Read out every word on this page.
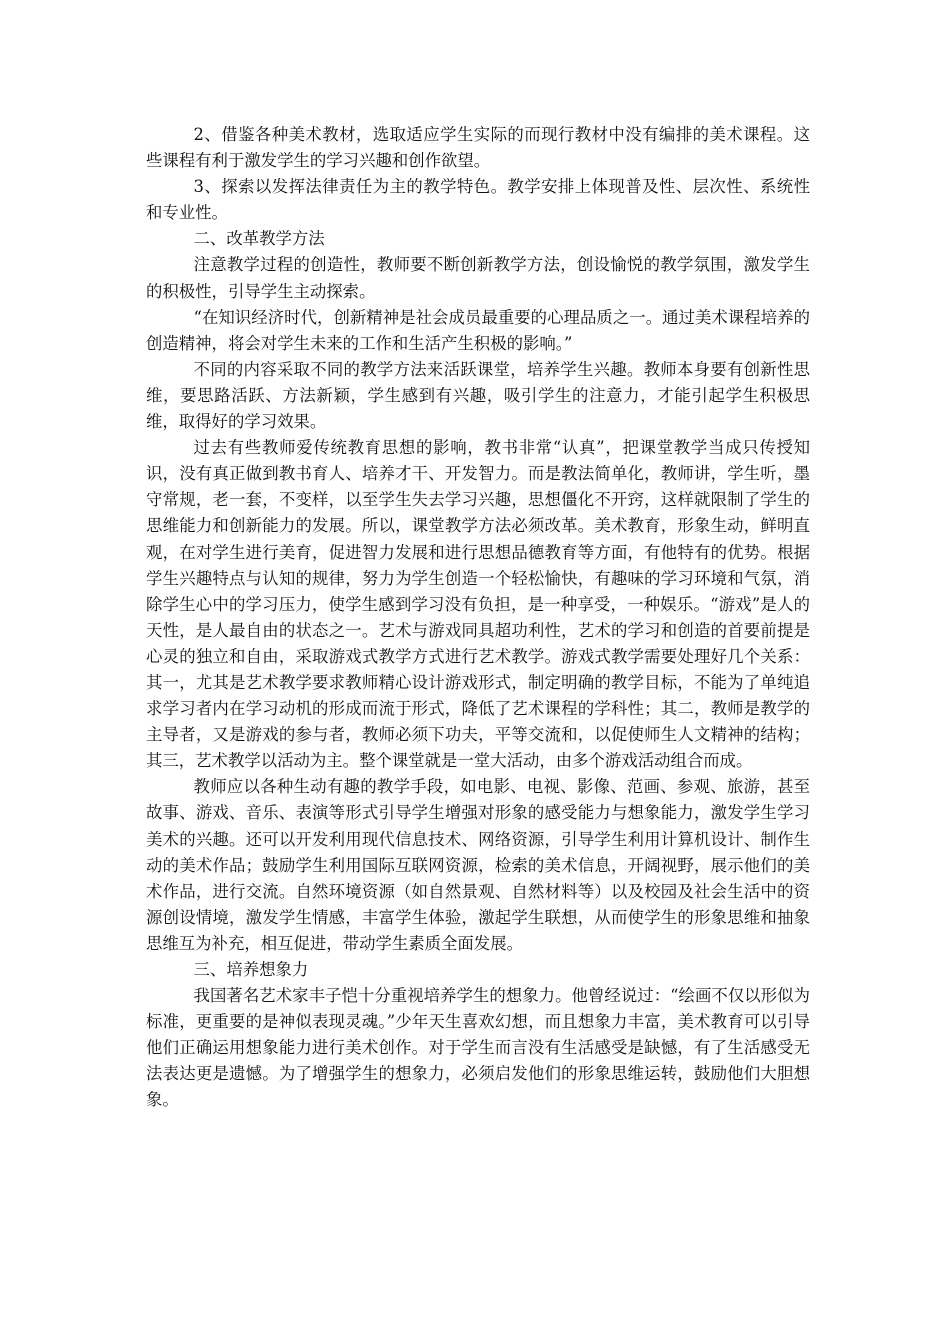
2、借鉴各种美术教材，选取适应学生实际的而现行教材中没有编排的美术课程。这些课程有利于激发学生的学习兴趣和创作欲望。

3、探索以发挥法律责任为主的教学特色。教学安排上体现普及性、层次性、系统性和专业性。

二、改革教学方法

注意教学过程的创造性，教师要不断创新教学方法，创设愉悦的教学氛围，激发学生的积极性，引导学生主动探索。

“在知识经济时代，创新精神是社会成员最重要的心理品质之一。通过美术课程培养的创造精神，将会对学生未来的工作和生活产生积极的影响。”

不同的内容采取不同的教学方法来活跃课堂，培养学生兴趣。教师本身要有创新性思维，要思路活跃、方法新颖，学生感到有兴趣，吸引学生的注意力，才能引起学生积极思维，取得好的学习效果。

过去有些教师爱传统教育思想的影响，教书非常“认真”，把课堂教学当成只传授知识，没有真正做到教书育人、培养才干、开发智力。而是教法简单化，教师讲，学生听，墨守常规，老一套，不变样，以至学生失去学习兴趣，思想僵化不开窍，这样就限制了学生的思维能力和创新能力的发展。所以，课堂教学方法必须改革。美术教育，形象生动，鲜明直观，在对学生进行美育，促进智力发展和进行思想品德教育等方面，有他特有的优势。根据学生兴趣特点与认知的规律，努力为学生创造一个轻松愉快，有趣味的学习环境和气氛，消除学生心中的学习压力，使学生感到学习没有负担，是一种享受，一种娱乐。“游戏”是人的天性，是人最自由的状态之一。艺术与游戏同具超功利性，艺术的学习和创造的首要前提是心灵的独立和自由，采取游戏式教学方式进行艺术教学。游戏式教学需要处理好几个关系：其一，尤其是艺术教学要求教师精心设计游戏形式，制定明确的教学目标，不能为了单纯追求学习者内在学习动机的形成而流于形式，降低了艺术课程的学科性；其二，教师是教学的主导者，又是游戏的参与者，教师必须下功夫，平等交流和，以促使师生人文精神的结构；其三，艺术教学以活动为主。整个课堂就是一堂大活动，由多个游戏活动组合而成。

教师应以各种生动有趣的教学手段，如电影、电视、影像、范画、参观、旅游，甚至故事、游戏、音乐、表演等形式引导学生增强对形象的感受能力与想象能力，激发学生学习美术的兴趣。还可以开发利用现代信息技术、网络资源，引导学生利用计算机设计、制作生动的美术作品；鼓励学生利用国际互联网资源，检索的美术信息，开阔视野，展示他们的美术作品，进行交流。自然环境资源（如自然景观、自然材料等）以及校园及社会生活中的资源创设情境，激发学生情感，丰富学生体验，激起学生联想，从而使学生的形象思维和抽象思维互为补充，相互促进，带动学生素质全面发展。

三、培养想象力

我国著名艺术家丰子恺十分重视培养学生的想象力。他曾经说过：“绘画不仅以形似为标准，更重要的是神似表现灵魂。”少年天生喜欢幻想，而且想象力丰富，美术教育可以引导他们正确运用想象能力进行美术创作。对于学生而言没有生活感受是缺憾，有了生活感受无法表达更是遗憾。为了增强学生的想象力，必须启发他们的形象思维运转，鼓励他们大胆想象。
